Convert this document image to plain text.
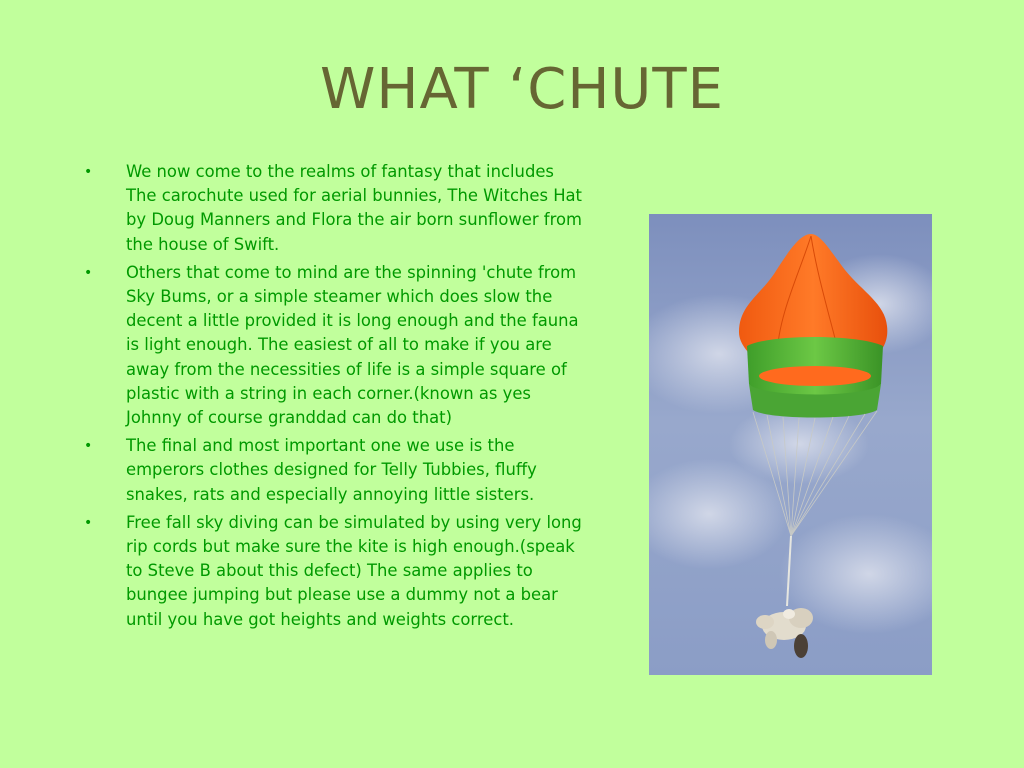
WHAT ‘CHUTE
• We now come to the realms of fantasy that includes The carochute used for aerial bunnies, The Witches Hat by Doug Manners and Flora the air born sunflower from the house of Swift.
• Others that come to mind are the spinning 'chute from Sky Bums, or a simple steamer which does slow the decent a little provided it is long enough and the fauna is light enough. The easiest of all to make if you are away from the necessities of life is a simple square of plastic with a string in each corner.(known as yes Johnny of course granddad can do that)
• The final and most important one we use is the emperors clothes designed for Telly Tubbies, fluffy snakes, rats and especially annoying little sisters.
• Free fall sky diving can be simulated by using very long rip cords but make sure the kite is high enough.(speak to Steve B about this defect) The same applies to bungee jumping but please use a dummy not a bear until you have got heights and weights correct.
